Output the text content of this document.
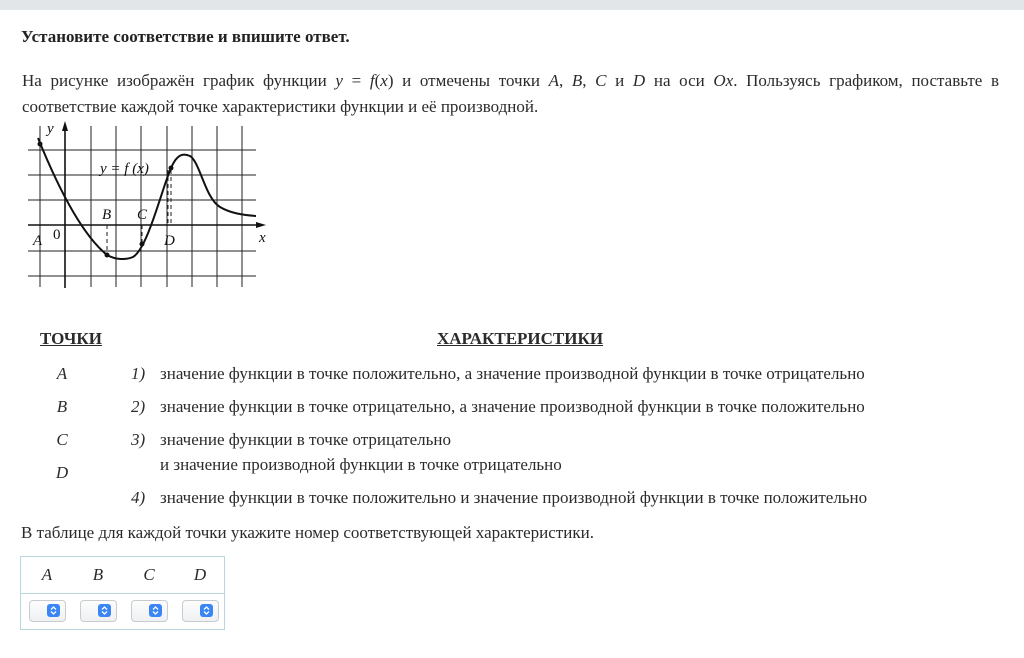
Установите соответствие и впишите ответ.
На рисунке изображён график функции y = f(x) и отмечены точки A, B, C и D на оси Ox. Пользуясь графиком, поставьте в соответствие каждой точке характеристики функции и её производной.
y
x
0
y = f (x)
A
B C
D
ТОЧКИ	ХАРАКТЕРИСТИКИ
A
B
C
D
1) значение функции в точке положительно, а значение производной функции в точке отрицательно
2) значение функции в точке отрицательно, а значение производной функции в точке положительно
3) значение функции в точке отрицательно
и значение производной функции в точке отрицательно
4) значение функции в точке положительно и значение производной функции в точке положительно
В таблице для каждой точки укажите номер соответствующей характеристики.
A	B	C	D
